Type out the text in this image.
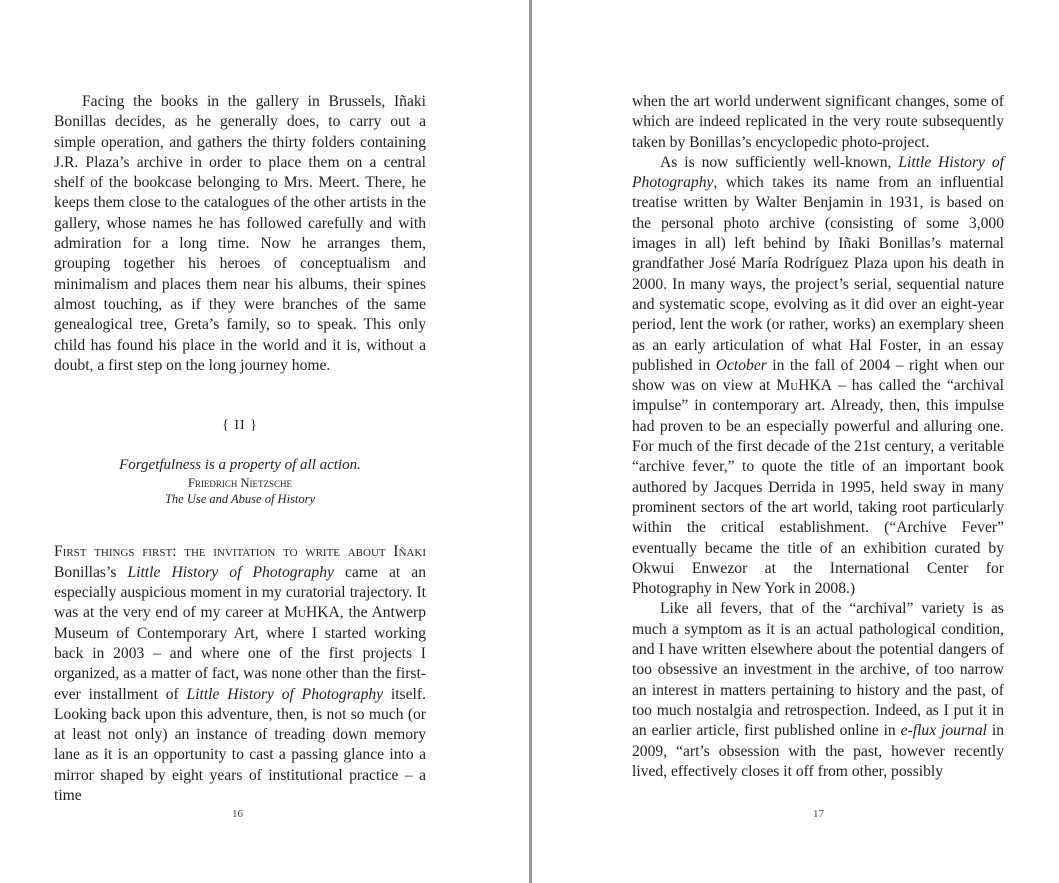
Facing the books in the gallery in Brussels, Iñaki Bonillas decides, as he generally does, to carry out a simple operation, and gathers the thirty folders containing J.R. Plaza’s archive in order to place them on a central shelf of the bookcase belonging to Mrs. Meert. There, he keeps them close to the catalogues of the other artists in the gallery, whose names he has followed carefully and with admiration for a long time. Now he arranges them, grouping together his heroes of conceptualism and minimalism and places them near his albums, their spines almost touching, as if they were branches of the same genealogical tree, Greta’s family, so to speak. This only child has found his place in the world and it is, without a doubt, a first step on the long journey home.

{ II }
Forgetfulness is a property of all action.
Friedrich Nietzsche
The Use and Abuse of History

First things first: the invitation to write about Iñaki Bonillas’s Little History of Photography came at an especially auspicious moment in my curatorial trajectory. It was at the very end of my career at MuHKA, the Antwerp Museum of Contemporary Art, where I started working back in 2003 – and where one of the first projects I organized, as a matter of fact, was none other than the first-ever installment of Little History of Photography itself. Looking back upon this adventure, then, is not so much (or at least not only) an instance of treading down memory lane as it is an opportunity to cast a passing glance into a mirror shaped by eight years of institutional practice – a time

16

when the art world underwent significant changes, some of which are indeed replicated in the very route subsequently taken by Bonillas’s encyclopedic photo-project.

As is now sufficiently well-known, Little History of Photography, which takes its name from an influential treatise written by Walter Benjamin in 1931, is based on the personal photo archive (consisting of some 3,000 images in all) left behind by Iñaki Bonillas’s maternal grandfather José María Rodríguez Plaza upon his death in 2000. In many ways, the project’s serial, sequential nature and systematic scope, evolving as it did over an eight-year period, lent the work (or rather, works) an exemplary sheen as an early articulation of what Hal Foster, in an essay published in October in the fall of 2004 – right when our show was on view at MuHKA – has called the “archival impulse” in contemporary art. Already, then, this impulse had proven to be an especially powerful and alluring one. For much of the first decade of the 21st century, a veritable “archive fever,” to quote the title of an important book authored by Jacques Derrida in 1995, held sway in many prominent sectors of the art world, taking root particularly within the critical establishment. (“Archive Fever” eventually became the title of an exhibition curated by Okwui Enwezor at the International Center for Photography in New York in 2008.)

Like all fevers, that of the “archival” variety is as much a symptom as it is an actual pathological condition, and I have written elsewhere about the potential dangers of too obsessive an investment in the archive, of too narrow an interest in matters pertaining to history and the past, of too much nostalgia and retrospection. Indeed, as I put it in an earlier article, first published online in e-flux journal in 2009, “art’s obsession with the past, however recently lived, effectively closes it off from other, possibly

17
